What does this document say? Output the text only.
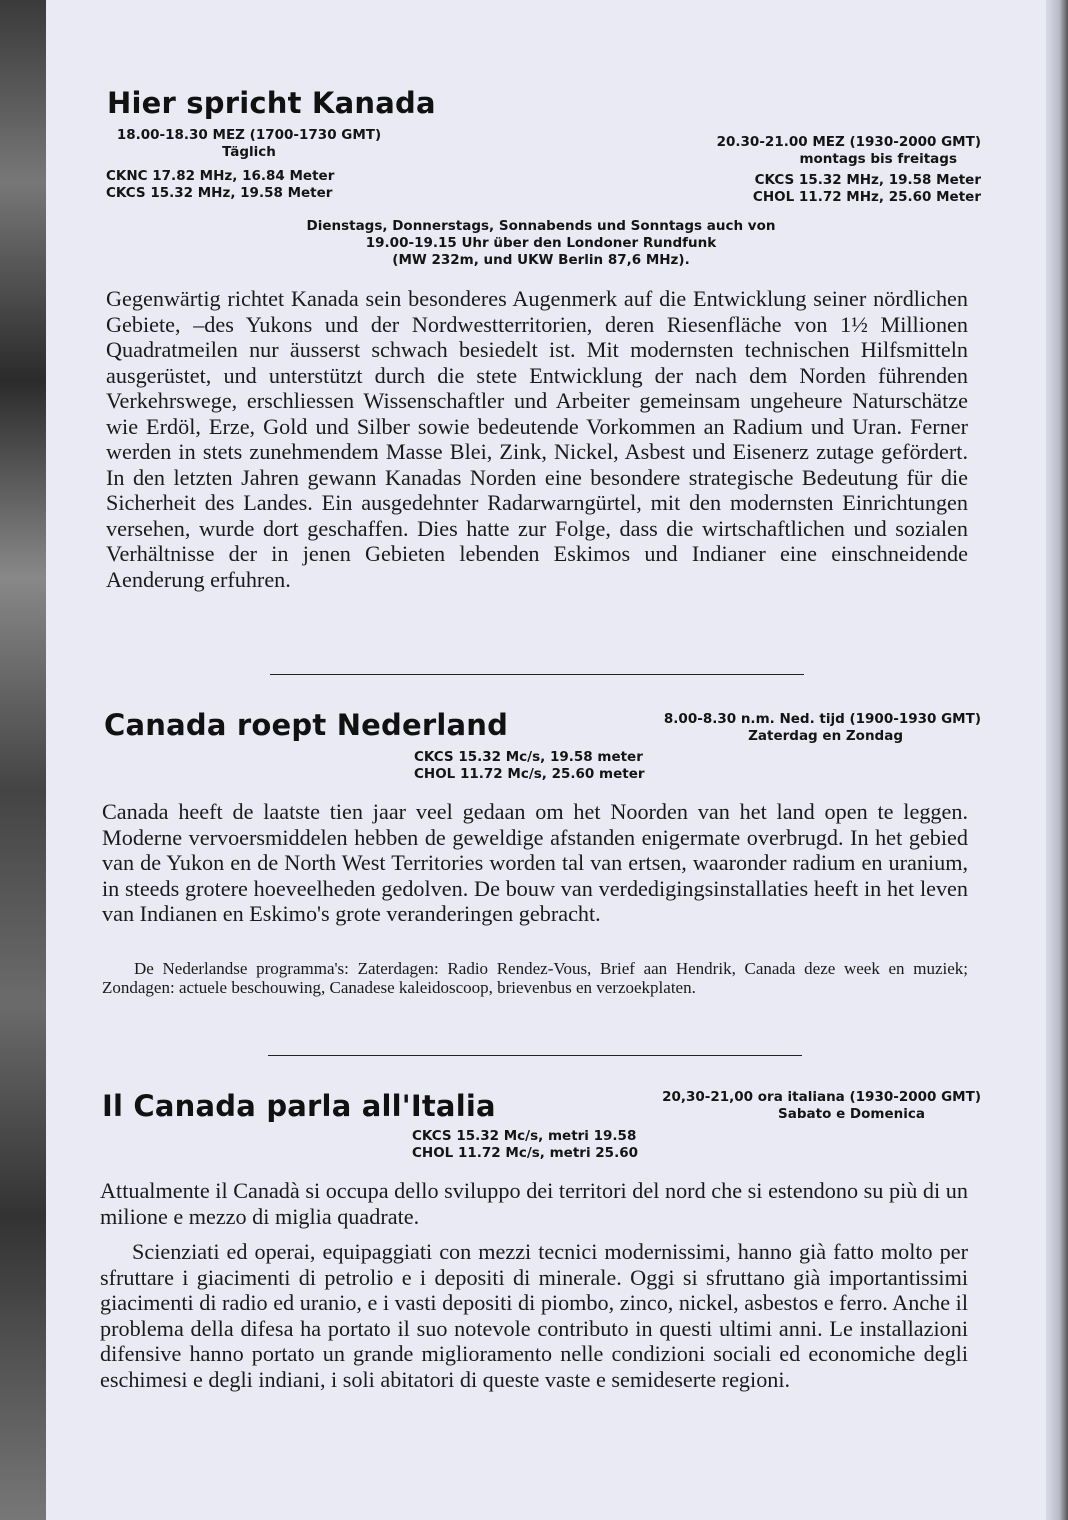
Hier spricht Kanada
18.00-18.30 MEZ (1700-1730 GMT)
Täglich
CKNC 17.82 MHz, 16.84 Meter
CKCS 15.32 MHz, 19.58 Meter
20.30-21.00 MEZ (1930-2000 GMT)
montags bis freitags
CKCS 15.32 MHz, 19.58 Meter
CHOL 11.72 MHz, 25.60 Meter
Dienstags, Donnerstags, Sonnabends und Sonntags auch von
19.00-19.15 Uhr über den Londoner Rundfunk
(MW 232m, und UKW Berlin 87,6 MHz).

Gegenwärtig richtet Kanada sein besonderes Augenmerk auf die Entwicklung seiner nördlichen Gebiete, –des Yukons und der Nordwestterritorien, deren Riesenfläche von 1½ Millionen Quadratmeilen nur äusserst schwach besiedelt ist. Mit modernsten technischen Hilfsmitteln ausgerüstet, und unterstützt durch die stete Entwicklung der nach dem Norden führenden Verkehrswege, erschliessen Wissenschaftler und Arbeiter gemeinsam ungeheure Naturschätze wie Erdöl, Erze, Gold und Silber sowie bedeutende Vorkommen an Radium und Uran. Ferner werden in stets zunehmendem Masse Blei, Zink, Nickel, Asbest und Eisenerz zutage gefördert. In den letzten Jahren gewann Kanadas Norden eine besondere strategische Bedeutung für die Sicherheit des Landes. Ein ausgedehnter Radarwarngürtel, mit den modernsten Einrichtungen versehen, wurde dort geschaffen. Dies hatte zur Folge, dass die wirtschaftlichen und sozialen Verhältnisse der in jenen Gebieten lebenden Eskimos und Indianer eine einschneidende Aenderung erfuhren.

Canada roept Nederland	8.00-8.30 n.m. Ned. tijd (1900-1930 GMT)
Zaterdag en Zondag
CKCS 15.32 Mc/s, 19.58 meter
CHOL 11.72 Mc/s, 25.60 meter

Canada heeft de laatste tien jaar veel gedaan om het Noorden van het land open te leggen. Moderne vervoersmiddelen hebben de geweldige afstanden enigermate overbrugd. In het gebied van de Yukon en de North West Territories worden tal van ertsen, waaronder radium en uranium, in steeds grotere hoeveelheden gedolven. De bouw van verdedigingsinstallaties heeft in het leven van Indianen en Eskimo's grote veranderingen gebracht.

De Nederlandse programma's: Zaterdagen: Radio Rendez-Vous, Brief aan Hendrik, Canada deze week en muziek; Zondagen: actuele beschouwing, Canadese kaleidoscoop, brievenbus en verzoekplaten.
Il Canada parla all'Italia	20,30-21,00 ora italiana (1930-2000 GMT)
Sabato e Domenica
CKCS 15.32 Mc/s, metri 19.58
CHOL 11.72 Mc/s, metri 25.60

Attualmente il Canadà si occupa dello sviluppo dei territori del nord che si estendono su più di un milione e mezzo di miglia quadrate.

Scienziati ed operai, equipaggiati con mezzi tecnici modernissimi, hanno già fatto molto per sfruttare i giacimenti di petrolio e i depositi di minerale. Oggi si sfruttano già importantissimi giacimenti di radio ed uranio, e i vasti depositi di piombo, zinco, nickel, asbestos e ferro. Anche il problema della difesa ha portato il suo notevole contributo in questi ultimi anni. Le installazioni difensive hanno portato un grande miglioramento nelle condizioni sociali ed economiche degli eschimesi e degli indiani, i soli abitatori di queste vaste e semideserte regioni.
